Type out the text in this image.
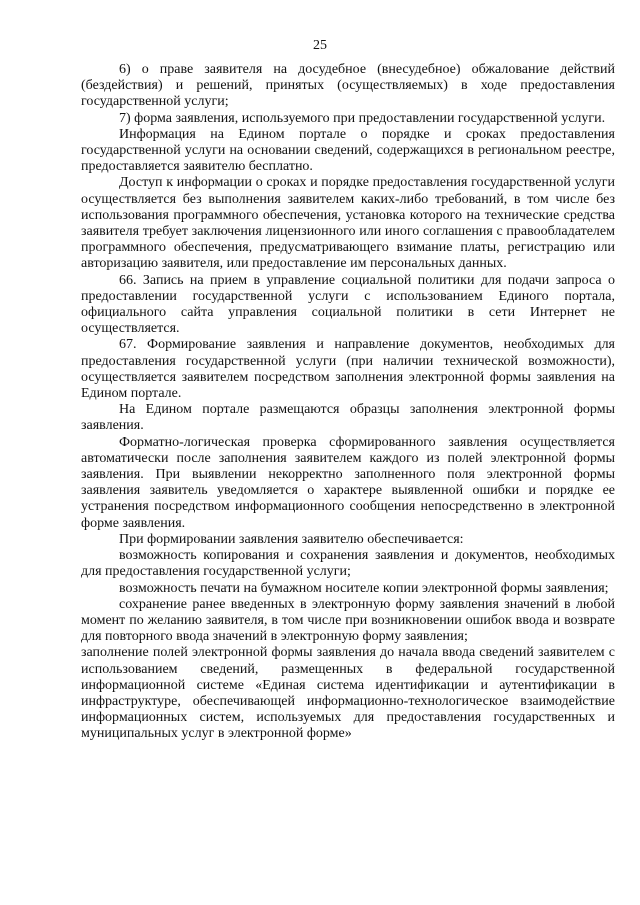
25

6) о праве заявителя на досудебное (внесудебное) обжалование действий (бездействия) и решений, принятых (осуществляемых) в ходе предоставления государственной услуги;

7) форма заявления, используемого при предоставлении государственной услуги.

Информация на Едином портале о порядке и сроках предоставления государственной услуги на основании сведений, содержащихся в региональном реестре, предоставляется заявителю бесплатно.

Доступ к информации о сроках и порядке предоставления государственной услуги осуществляется без выполнения заявителем каких-либо требований, в том числе без использования программного обеспечения, установка которого на технические средства заявителя требует заключения лицензионного или иного соглашения с правообладателем программного обеспечения, предусматривающего взимание платы, регистрацию или авторизацию заявителя, или предоставление им персональных данных.

66. Запись на прием в управление социальной политики для подачи запроса о предоставлении государственной услуги с использованием Единого портала, официального сайта управления социальной политики в сети Интернет не осуществляется.

67. Формирование заявления и направление документов, необходимых для предоставления государственной услуги (при наличии технической возможности), осуществляется заявителем посредством заполнения электронной формы заявления на Едином портале.

На Едином портале размещаются образцы заполнения электронной формы заявления.

Форматно-логическая проверка сформированного заявления осуществляется автоматически после заполнения заявителем каждого из полей электронной формы заявления. При выявлении некорректно заполненного поля электронной формы заявления заявитель уведомляется о характере выявленной ошибки и порядке ее устранения посредством информационного сообщения непосредственно в электронной форме заявления.

При формировании заявления заявителю обеспечивается:

возможность копирования и сохранения заявления и документов, необходимых для предоставления государственной услуги;

возможность печати на бумажном носителе копии электронной формы заявления;

сохранение ранее введенных в электронную форму заявления значений в любой момент по желанию заявителя, в том числе при возникновении ошибок ввода и возврате для повторного ввода значений в электронную форму заявления;

заполнение полей электронной формы заявления до начала ввода сведений заявителем с использованием сведений, размещенных в федеральной государственной информационной системе «Единая система идентификации и аутентификации в инфраструктуре, обеспечивающей информационно-технологическое взаимодействие информационных систем, используемых для предоставления государственных и муниципальных услуг в электронной форме»
